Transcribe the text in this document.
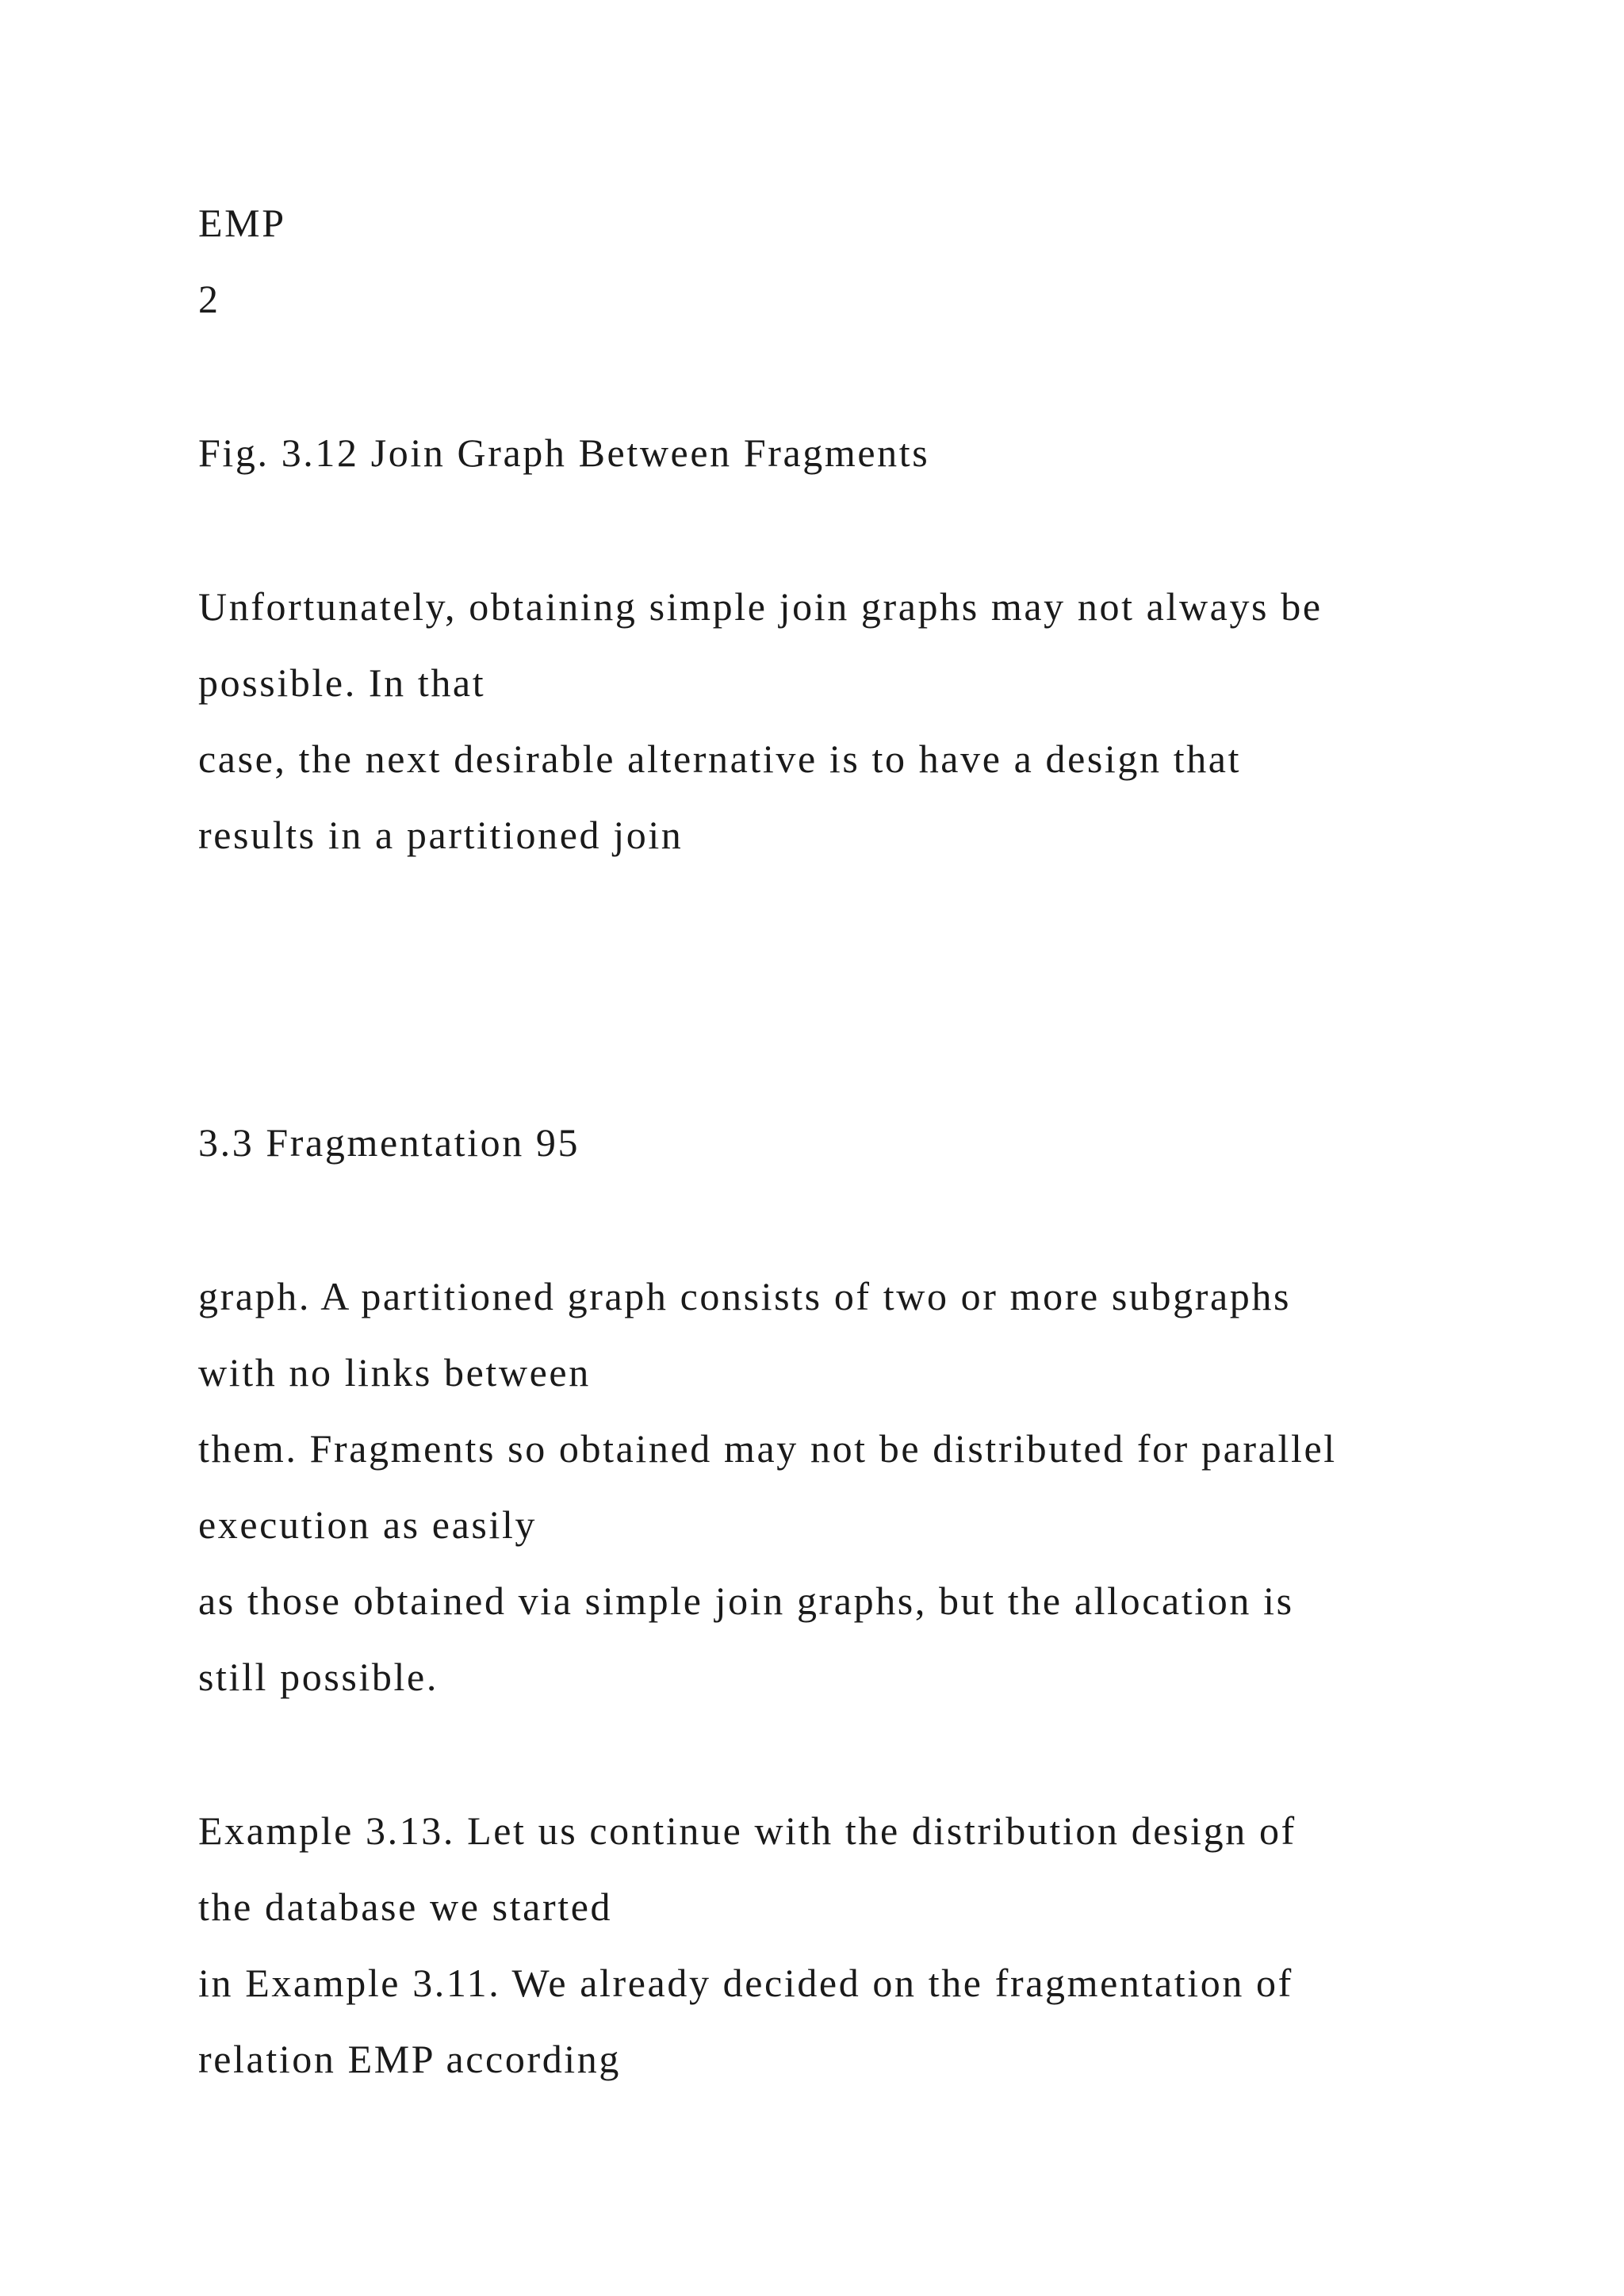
EMP

2

Fig. 3.12 Join Graph Between Fragments

Unfortunately, obtaining simple join graphs may not always be

possible. In that

case, the next desirable alternative is to have a design that

results in a partitioned join

3.3 Fragmentation 95

graph. A partitioned graph consists of two or more subgraphs

with no links between

them. Fragments so obtained may not be distributed for parallel

execution as easily

as those obtained via simple join graphs, but the allocation is

still possible.

Example 3.13. Let us continue with the distribution design of

the database we started

in Example 3.11. We already decided on the fragmentation of

relation EMP according
